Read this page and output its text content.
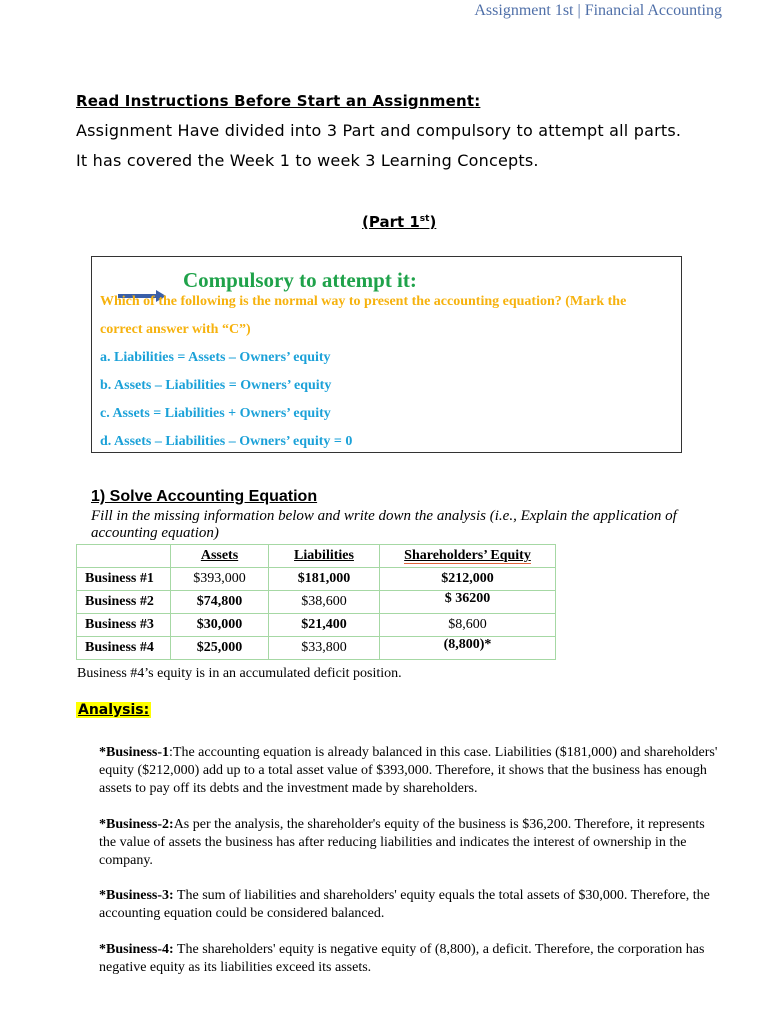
Assignment 1st | Financial Accounting
Read Instructions Before Start an Assignment:
Assignment Have divided into 3 Part and compulsory to attempt all parts.
It has covered the Week 1 to week 3 Learning Concepts.
(Part 1st)
Compulsory to attempt it:
Which of the following is the normal way to present the accounting equation? (Mark the
correct answer with “C”)
a. Liabilities = Assets – Owners’ equity
b. Assets – Liabilities = Owners’ equity
c. Assets = Liabilities + Owners’ equity
d. Assets – Liabilities – Owners’ equity = 0
1) Solve Accounting Equation
Fill in the missing information below and write down the analysis (i.e., Explain the application of accounting equation)
	Assets	Liabilities	Shareholders’ Equity
Business #1	$393,000	$181,000	$212,000
Business #2	$74,800	$38,600	$ 36200
Business #3	$30,000	$21,400	$8,600
Business #4	$25,000	$33,800	(8,800)*
Business #4’s equity is in an accumulated deficit position.
Analysis:
*Business-1:The accounting equation is already balanced in this case. Liabilities ($181,000) and shareholders' equity ($212,000) add up to a total asset value of $393,000. Therefore, it shows that the business has enough assets to pay off its debts and the investment made by shareholders.
*Business-2:As per the analysis, the shareholder's equity of the business is $36,200. Therefore, it represents the value of assets the business has after reducing liabilities and indicates the interest of ownership in the company.
*Business-3: The sum of liabilities and shareholders' equity equals the total assets of $30,000. Therefore, the accounting equation could be considered balanced.
*Business-4: The shareholders' equity is negative equity of (8,800), a deficit. Therefore, the corporation has negative equity as its liabilities exceed its assets.
